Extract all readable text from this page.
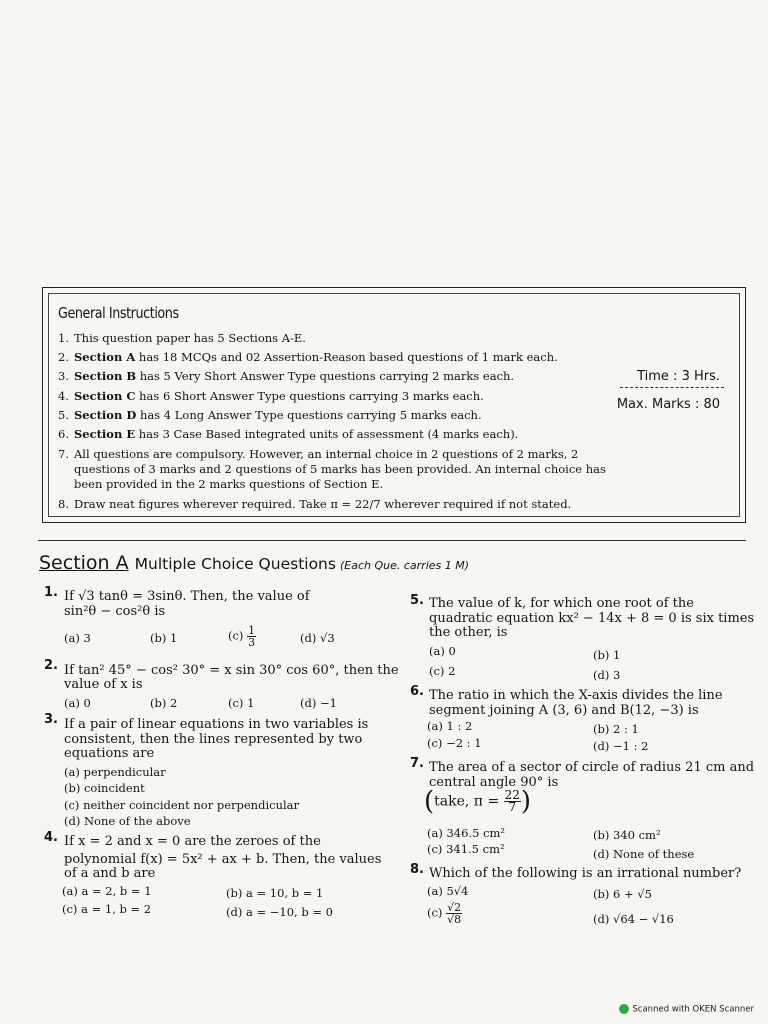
General Instructions
1. This question paper has 5 Sections A-E.
2. Section A has 18 MCQs and 02 Assertion-Reason based questions of 1 mark each.
3. Section B has 5 Very Short Answer Type questions carrying 2 marks each.
4. Section C has 6 Short Answer Type questions carrying 3 marks each.
5. Section D has 4 Long Answer Type questions carrying 5 marks each.
6. Section E has 3 Case Based integrated units of assessment (4 marks each).
7. All questions are compulsory. However, an internal choice in 2 questions of 2 marks, 2 questions of 3 marks and 2 questions of 5 marks has been provided. An internal choice has been provided in the 2 marks questions of Section E.
8. Draw neat figures wherever required. Take π = 22/7 wherever required if not stated.
Time : 3 Hrs.
Max. Marks : 80
Section A Multiple Choice Questions (Each Que. carries 1 M)
1. If √3 tanθ = 3sinθ. Then, the value of
sin²θ − cos²θ is
(a) 3	(b) 1	$(c) \frac{1}{3}$	(d) √3
2. If tan² 45° − cos² 30° = x sin 30° cos 60°, then the
value of x is
(a) 0	(b) 2	(c) 1	(d) −1
3. If a pair of linear equations in two variables is
consistent, then the lines represented by two
equations are
(a) perpendicular
(b) coincident
(c) neither coincident nor perpendicular
(d) None of the above
4. If x = 2 and x = 0 are the zeroes of the
polynomial f(x) = 5x² + ax + b. Then, the values
of a and b are
(a) a = 2, b = 1	(b) a = 10, b = 1
(c) a = 1, b = 2	(d) a = −10, b = 0
5. The value of k, for which one root of the
quadratic equation kx² − 14x + 8 = 0 is six times
the other, is
(a) 0	(b) 1
(c) 2	(d) 3
6. The ratio in which the X-axis divides the line
segment joining A (3, 6) and B(12, −3) is
(a) 1 : 2	(b) 2 : 1
(c) −2 : 1	(d) −1 : 2
7. The area of a sector of circle of radius 21 cm and
central angle 90° is
(take, $\pi = \frac{22}{7}$ )
(a) 346.5 cm²	(b) 340 cm²
(c) 341.5 cm²	(d) None of these
8. Which of the following is an irrational number?
(a) 5√4	(b) 6 + √5
$(c) \frac{√2}{√8}$	(d) √64 − √16
Scanned with OKEN Scanner
